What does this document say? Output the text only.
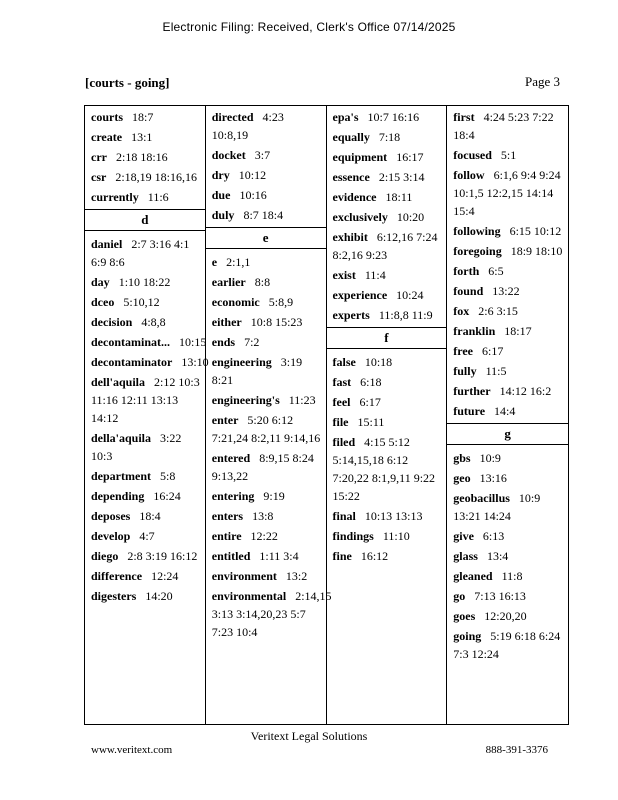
Electronic Filing: Received, Clerk's Office 07/14/2025
[courts - going]	Page 3
courts 18:7
create 13:1
crr 2:18 18:16
csr 2:18,19 18:16,16
currently 11:6
d
daniel 2:7 3:16 4:1 6:9 8:6
day 1:10 18:22
dceo 5:10,12
decision 4:8,8
decontaminat... 10:15
decontaminator 13:10
dell'aquila 2:12 10:3 11:16 12:11 13:13 14:12
della'aquila 3:22 10:3
department 5:8
depending 16:24
deposes 18:4
develop 4:7
diego 2:8 3:19 16:12
difference 12:24
digesters 14:20
directed 4:23 10:8,19
docket 3:7
dry 10:12
due 10:16
duly 8:7 18:4
e
e 2:1,1
earlier 8:8
economic 5:8,9
either 10:8 15:23
ends 7:2
engineering 3:19 8:21
engineering's 11:23
enter 5:20 6:12 7:21,24 8:2,11 9:14,16
entered 8:9,15 8:24 9:13,22
entering 9:19
enters 13:8
entire 12:22
entitled 1:11 3:4
environment 13:2
environmental 2:14,15 3:13 3:14,20,23 5:7 7:23 10:4
epa's 10:7 16:16
equally 7:18
equipment 16:17
essence 2:15 3:14
evidence 18:11
exclusively 10:20
exhibit 6:12,16 7:24 8:2,16 9:23
exist 11:4
experience 10:24
experts 11:8,8 11:9
f
false 10:18
fast 6:18
feel 6:17
file 15:11
filed 4:15 5:12 5:14,15,18 6:12 7:20,22 8:1,9,11 9:22 15:22
final 10:13 13:13
findings 11:10
fine 16:12
first 4:24 5:23 7:22 18:4
focused 5:1
follow 6:1,6 9:4 9:24 10:1,5 12:2,15 14:14 15:4
following 6:15 10:12
foregoing 18:9 18:10
forth 6:5
found 13:22
fox 2:6 3:15
franklin 18:17
free 6:17
fully 11:5
further 14:12 16:2
future 14:4
g
gbs 10:9
geo 13:16
geobacillus 10:9 13:21 14:24
give 6:13
glass 13:4
gleaned 11:8
go 7:13 16:13
goes 12:20,20
going 5:19 6:18 6:24 7:3 12:24
Veritext Legal Solutions
www.veritext.com	888-391-3376
